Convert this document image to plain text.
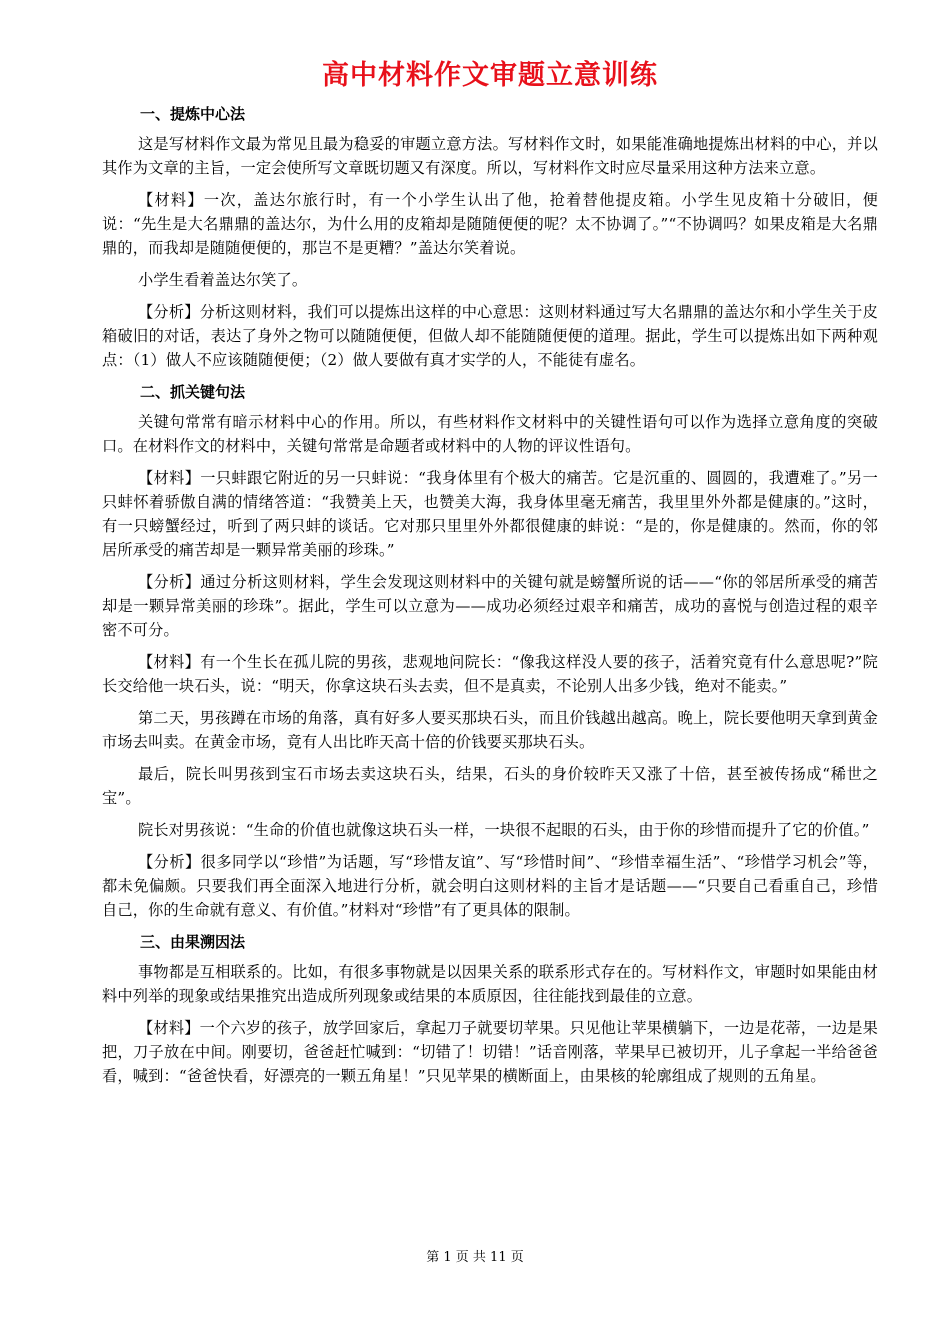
高中材料作文审题立意训练
一、提炼中心法

这是写材料作文最为常见且最为稳妥的审题立意方法。写材料作文时，如果能准确地提炼出材料的中心，并以其作为文章的主旨，一定会使所写文章既切题又有深度。所以，写材料作文时应尽量采用这种方法来立意。

【材料】一次，盖达尔旅行时，有一个小学生认出了他，抢着替他提皮箱。小学生见皮箱十分破旧，便说：“先生是大名鼎鼎的盖达尔，为什么用的皮箱却是随随便便的呢？太不协调了。”“不协调吗？如果皮箱是大名鼎鼎的，而我却是随随便便的，那岂不是更糟？”盖达尔笑着说。

小学生看着盖达尔笑了。

【分析】分析这则材料，我们可以提炼出这样的中心意思：这则材料通过写大名鼎鼎的盖达尔和小学生关于皮箱破旧的对话，表达了身外之物可以随随便便，但做人却不能随随便便的道理。据此，学生可以提炼出如下两种观点：（1）做人不应该随随便便；（2）做人要做有真才实学的人，不能徒有虚名。

二、抓关键句法

关键句常常有暗示材料中心的作用。所以，有些材料作文材料中的关键性语句可以作为选择立意角度的突破口。在材料作文的材料中，关键句常常是命题者或材料中的人物的评议性语句。

【材料】一只蚌跟它附近的另一只蚌说：“我身体里有个极大的痛苦。它是沉重的、圆圆的，我遭难了。”另一只蚌怀着骄傲自满的情绪答道：“我赞美上天，也赞美大海，我身体里毫无痛苦，我里里外外都是健康的。”这时，有一只螃蟹经过，听到了两只蚌的谈话。它对那只里里外外都很健康的蚌说：“是的，你是健康的。然而，你的邻居所承受的痛苦却是一颗异常美丽的珍珠。”

【分析】通过分析这则材料，学生会发现这则材料中的关键句就是螃蟹所说的话——“你的邻居所承受的痛苦却是一颗异常美丽的珍珠”。据此，学生可以立意为——成功必须经过艰辛和痛苦，成功的喜悦与创造过程的艰辛密不可分。

【材料】有一个生长在孤儿院的男孩，悲观地问院长：“像我这样没人要的孩子，活着究竟有什么意思呢?”院长交给他一块石头，说：“明天，你拿这块石头去卖，但不是真卖，不论别人出多少钱，绝对不能卖。”

第二天，男孩蹲在市场的角落，真有好多人要买那块石头，而且价钱越出越高。晚上，院长要他明天拿到黄金市场去叫卖。在黄金市场，竟有人出比昨天高十倍的价钱要买那块石头。

最后，院长叫男孩到宝石市场去卖这块石头，结果，石头的身价较昨天又涨了十倍，甚至被传扬成“稀世之宝”。

院长对男孩说：“生命的价值也就像这块石头一样，一块很不起眼的石头，由于你的珍惜而提升了它的价值。”

【分析】很多同学以“珍惜”为话题，写“珍惜友谊”、写“珍惜时间”、“珍惜幸福生活”、“珍惜学习机会”等，都未免偏颇。只要我们再全面深入地进行分析，就会明白这则材料的主旨才是话题——“只要自己看重自己，珍惜自己，你的生命就有意义、有价值。”材料对“珍惜”有了更具体的限制。

三、由果溯因法

事物都是互相联系的。比如，有很多事物就是以因果关系的联系形式存在的。写材料作文，审题时如果能由材料中列举的现象或结果推究出造成所列现象或结果的本质原因，往往能找到最佳的立意。

【材料】一个六岁的孩子，放学回家后，拿起刀子就要切苹果。只见他让苹果横躺下，一边是花蒂，一边是果把，刀子放在中间。刚要切，爸爸赶忙喊到：“切错了！切错！”话音刚落，苹果早已被切开，儿子拿起一半给爸爸看，喊到：“爸爸快看，好漂亮的一颗五角星！”只见苹果的横断面上，由果核的轮廓组成了规则的五角星。

第 1 页 共 11 页
